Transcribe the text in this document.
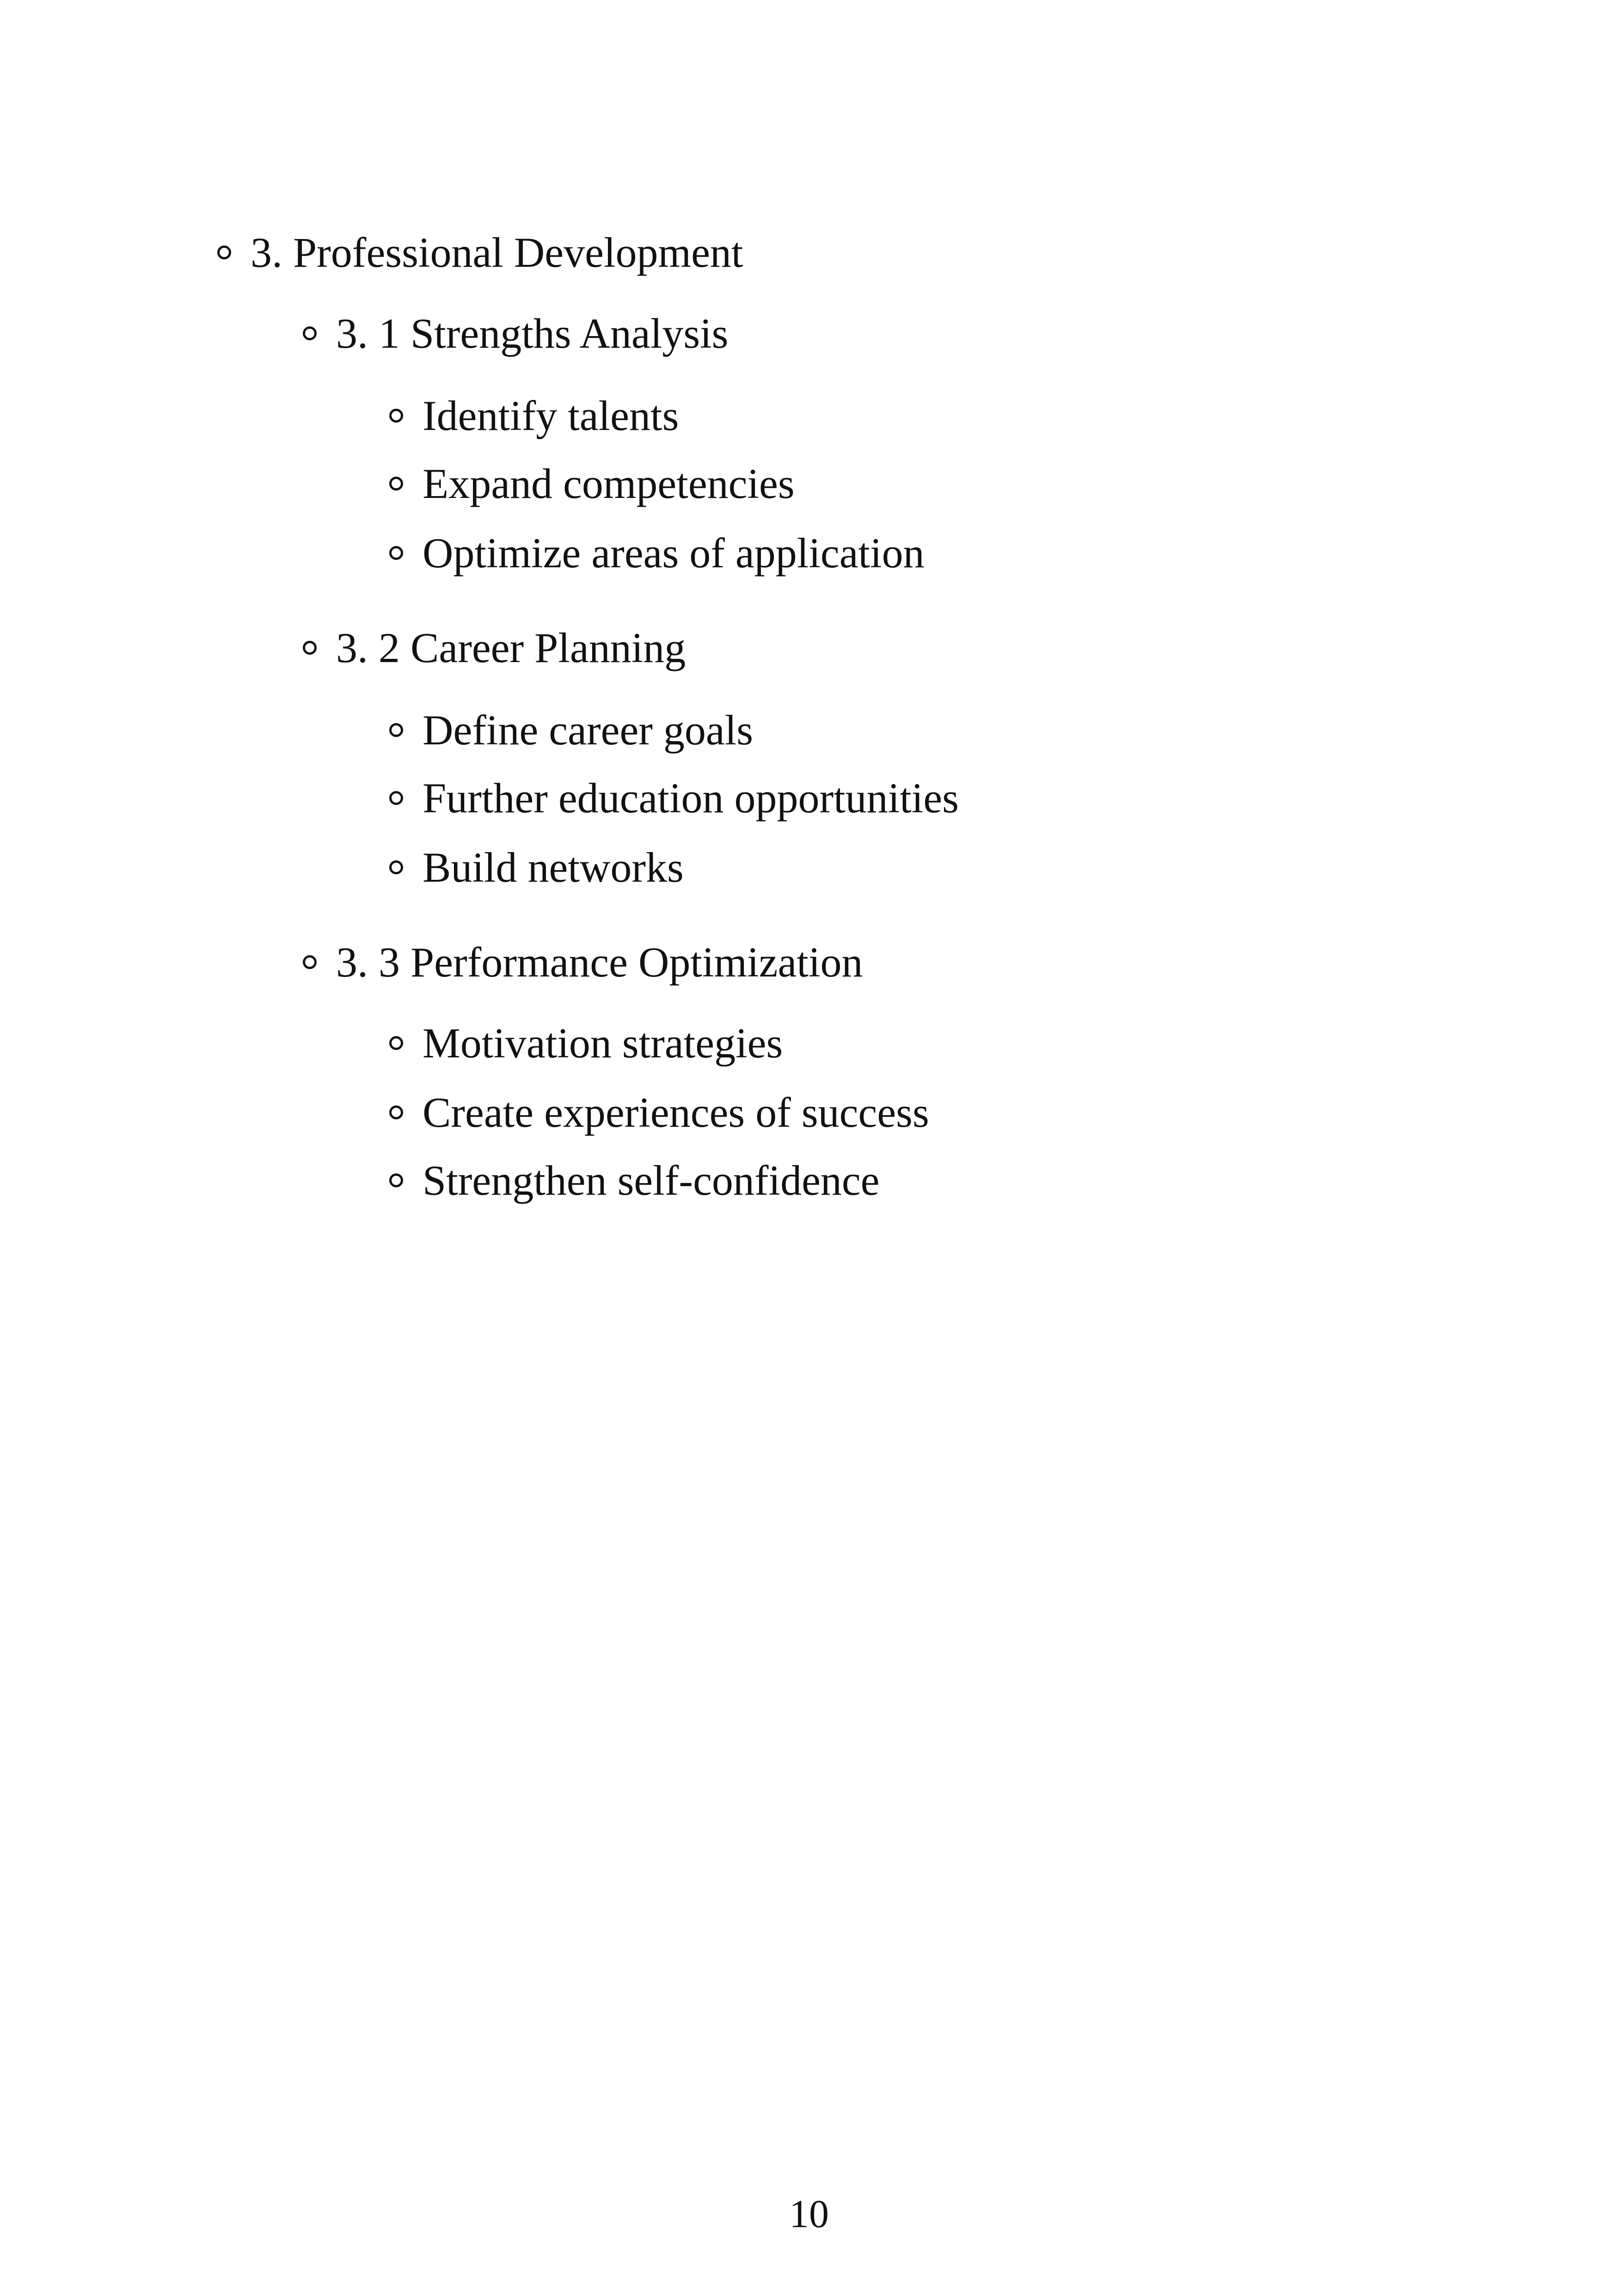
3. Professional Development
3. 1 Strengths Analysis
Identify talents
Expand competencies
Optimize areas of application
3. 2 Career Planning
Define career goals
Further education opportunities
Build networks
3. 3 Performance Optimization
Motivation strategies
Create experiences of success
Strengthen self-confidence
10
